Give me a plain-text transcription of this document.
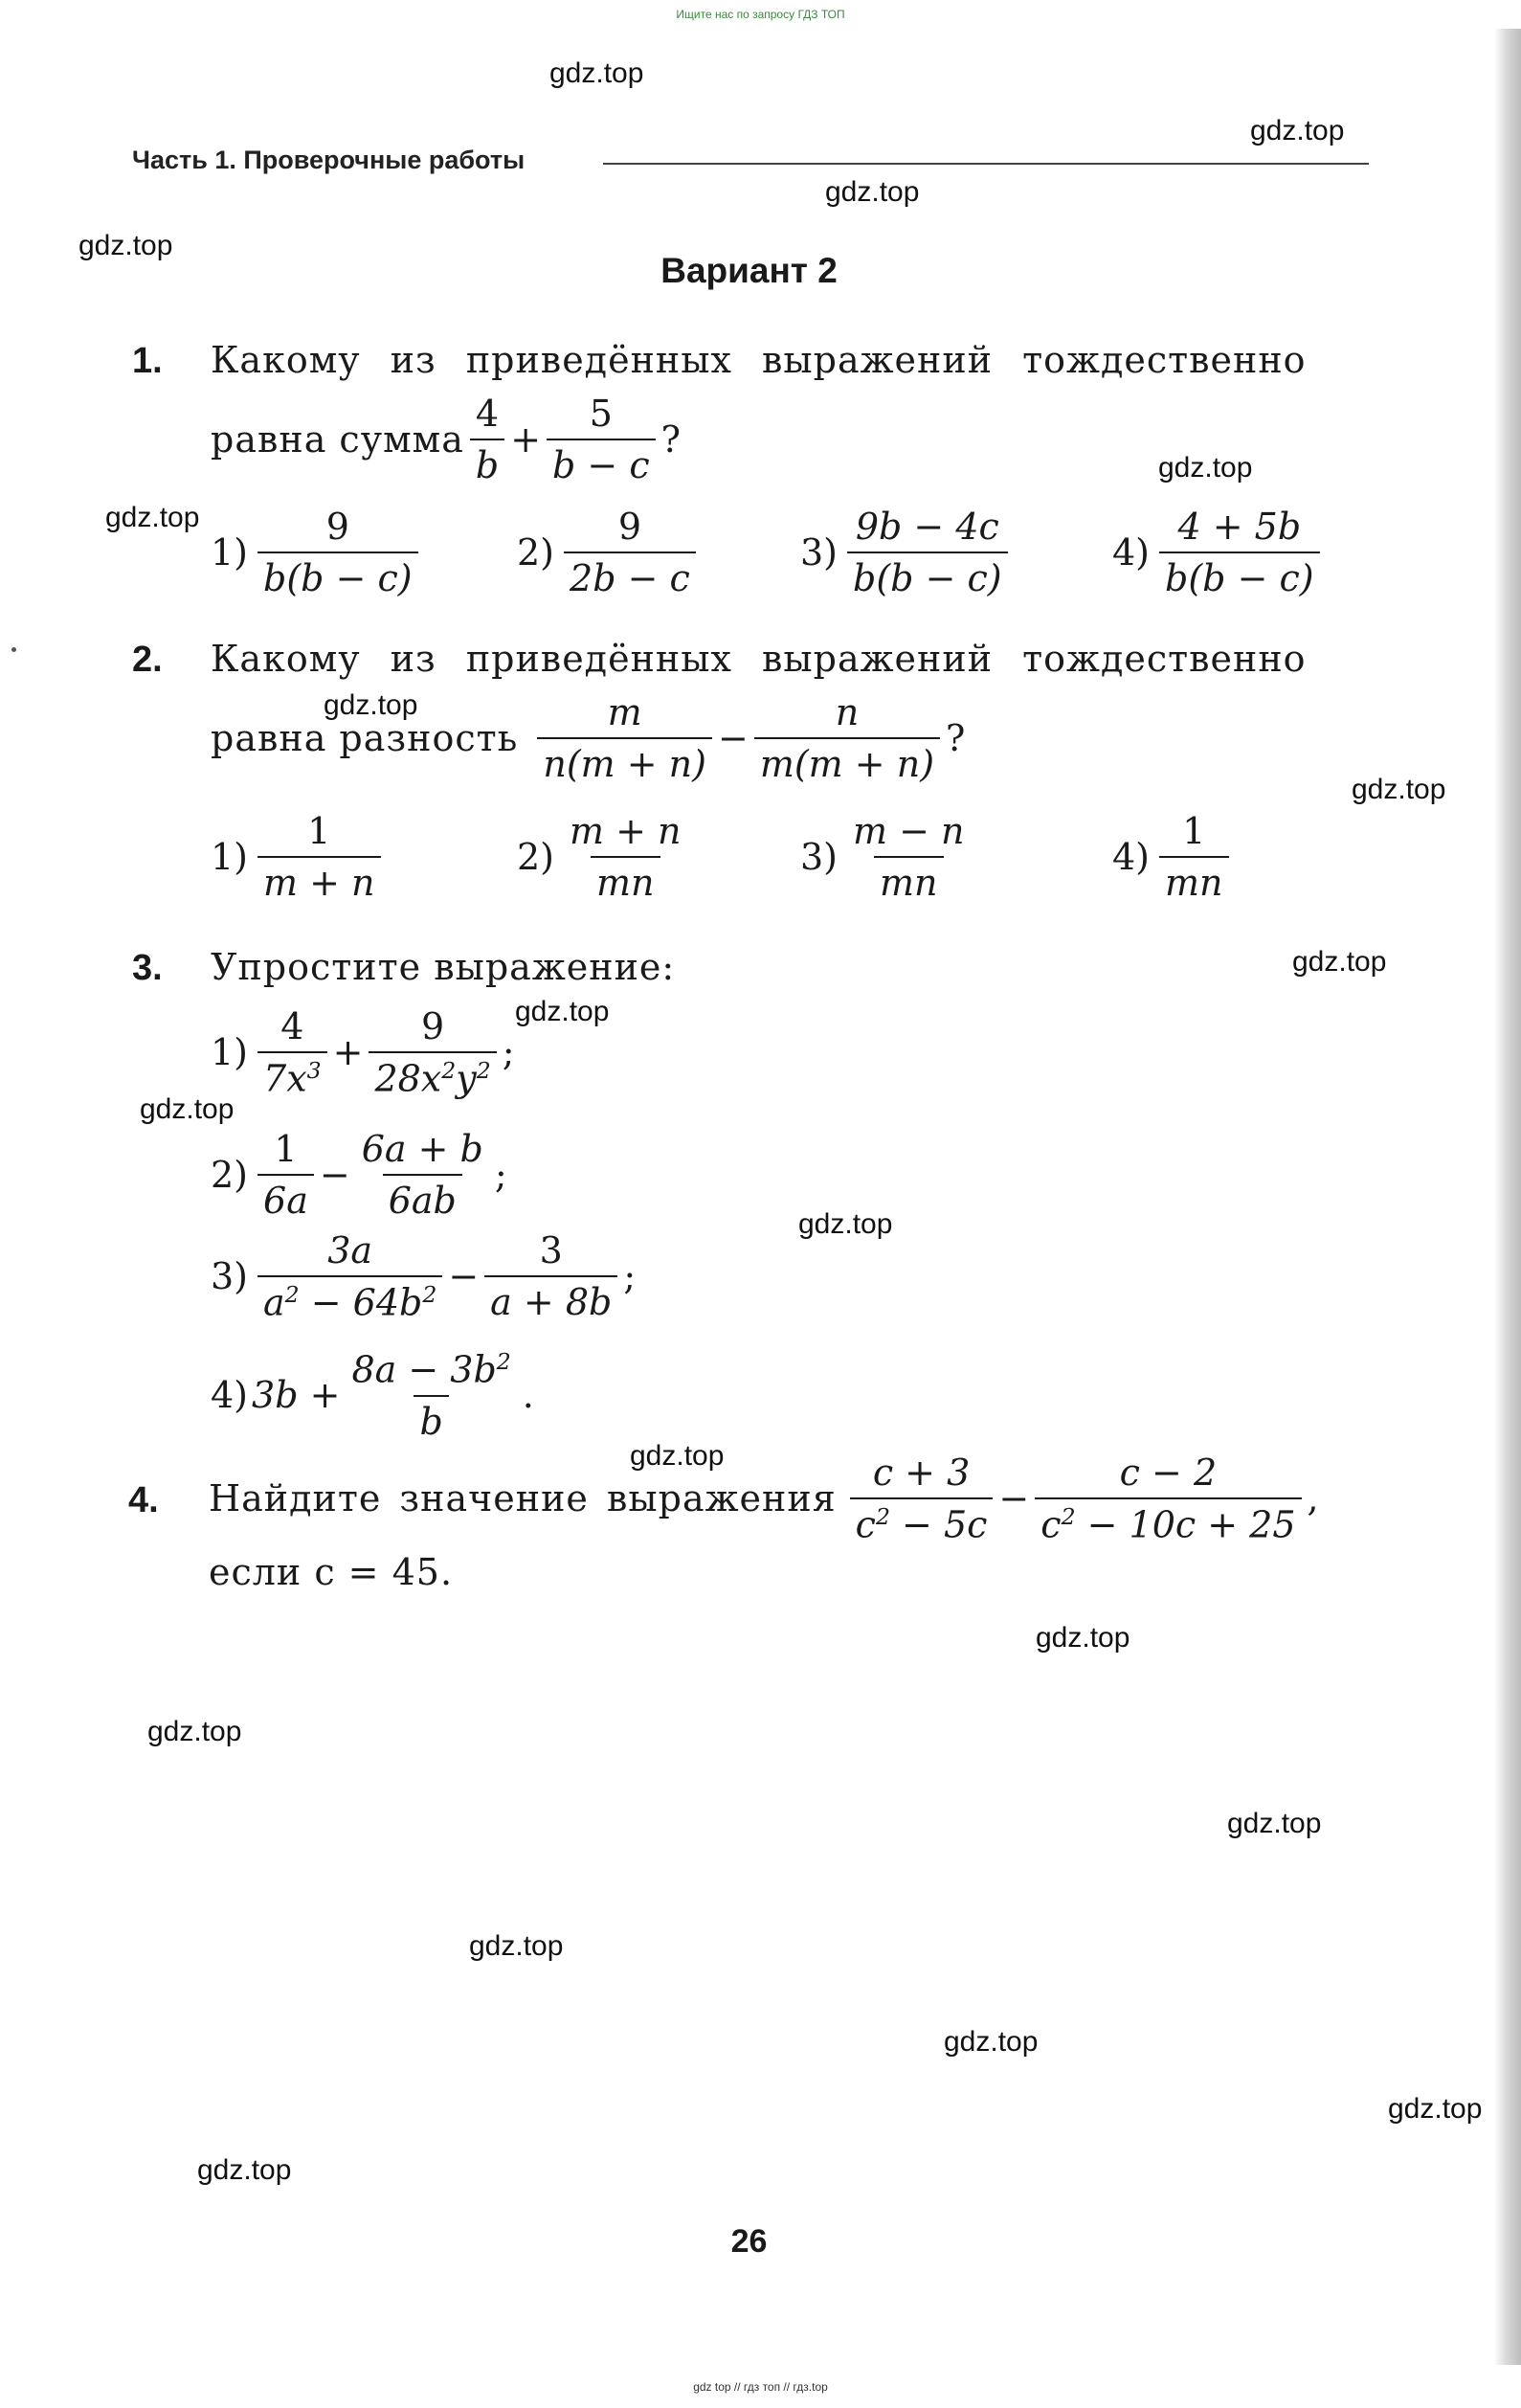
Ищите нас по запросу ГДЗ ТОП
Часть 1. Проверочные работы
Вариант 2
1. Какому из приведённых выражений тождественно
равна сумма $\frac{4}{b} + \frac{5}{b - c}$ ?
$1) \frac{9}{b(b - c)}$	$2) \frac{9}{2b - c}$	$3) \frac{9b - 4c}{b(b - c)}$	$4) \frac{4 + 5b}{b(b - c)}$
2. Какому из приведённых выражений тождественно
равна разность $\frac{m}{n(m + n)} - \frac{n}{m(m + n)}$ ?
$1) \frac{1}{m + n}$	$2) \frac{m + n}{mn}$	$3) \frac{m - n}{mn}$	$4) \frac{1}{mn}$
3. Упростите выражение:
$1) \frac{4}{7x^3} + \frac{9}{28x^2y^2}$ ;
$2) \frac{1}{6a} - \frac{6a + b}{6ab}$ ;
$3) \frac{3a}{a^2 - 64b^2} - \frac{3}{a + 8b}$ ;
4) $3b + \frac{8a - 3b^2}{b}$ .
4. Найдите значение выражения $\frac{c + 3}{c^2 - 5c} - \frac{c - 2}{c^2 - 10c + 25}$ ,
если c = 45.
26
gdz.top
gdz.top
gdz.top
gdz.top
gdz.top
gdz.top
gdz.top
gdz.top
gdz.top
gdz.top
gdz.top
gdz.top
gdz.top
gdz.top
gdz.top
gdz.top
gdz.top
gdz.top
gdz.top
gdz.top
gdz top // гдз топ // гдз.top
